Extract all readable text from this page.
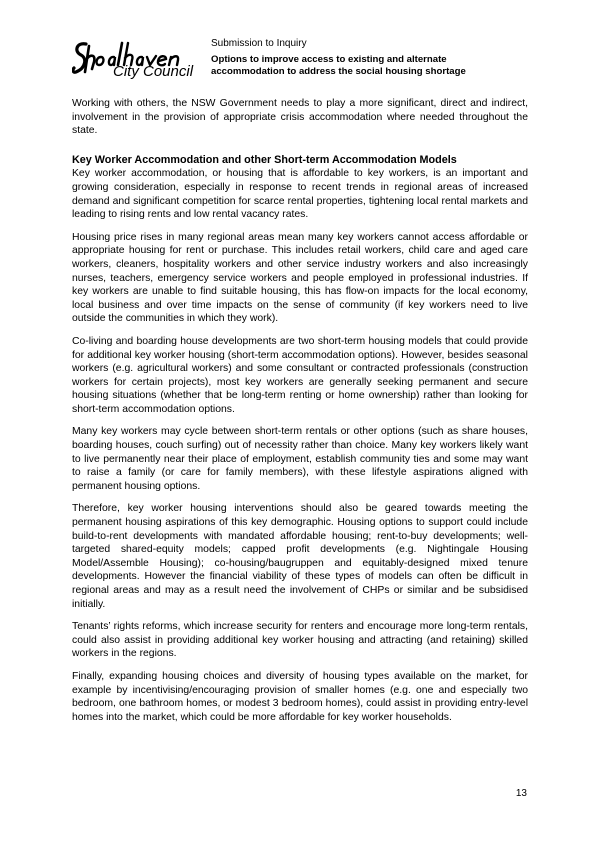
City Council
Submission to Inquiry
Options to improve access to existing and alternate
accommodation to address the social housing shortage

Working with others, the NSW Government needs to play a more significant, direct and indirect, involvement in the provision of appropriate crisis accommodation where needed throughout the state.

Key Worker Accommodation and other Short-term Accommodation Models

Key worker accommodation, or housing that is affordable to key workers, is an important and growing consideration, especially in response to recent trends in regional areas of increased demand and significant competition for scarce rental properties, tightening local rental markets and leading to rising rents and low rental vacancy rates.

Housing price rises in many regional areas mean many key workers cannot access affordable or appropriate housing for rent or purchase. This includes retail workers, child care and aged care workers, cleaners, hospitality workers and other service industry workers and also increasingly nurses, teachers, emergency service workers and people employed in professional industries. If key workers are unable to find suitable housing, this has flow-on impacts for the local economy, local business and over time impacts on the sense of community (if key workers need to live outside the communities in which they work).

Co-living and boarding house developments are two short-term housing models that could provide for additional key worker housing (short-term accommodation options). However, besides seasonal workers (e.g. agricultural workers) and some consultant or contracted professionals (construction workers for certain projects), most key workers are generally seeking permanent and secure housing situations (whether that be long-term renting or home ownership) rather than looking for short-term accommodation options.

Many key workers may cycle between short-term rentals or other options (such as share houses, boarding houses, couch surfing) out of necessity rather than choice. Many key workers likely want to live permanently near their place of employment, establish community ties and some may want to raise a family (or care for family members), with these lifestyle aspirations aligned with permanent housing options.

Therefore, key worker housing interventions should also be geared towards meeting the permanent housing aspirations of this key demographic. Housing options to support could include build-to-rent developments with mandated affordable housing; rent-to-buy developments; well-targeted shared-equity models; capped profit developments (e.g. Nightingale Housing Model/Assemble Housing); co-housing/baugruppen and equitably-designed mixed tenure developments. However the financial viability of these types of models can often be difficult in regional areas and may as a result need the involvement of CHPs or similar and be subsidised initially.

Tenants’ rights reforms, which increase security for renters and encourage more long-term rentals, could also assist in providing additional key worker housing and attracting (and retaining) skilled workers in the regions.

Finally, expanding housing choices and diversity of housing types available on the market, for example by incentivising/encouraging provision of smaller homes (e.g. one and especially two bedroom, one bathroom homes, or modest 3 bedroom homes), could assist in providing entry-level homes into the market, which could be more affordable for key worker households.

13
